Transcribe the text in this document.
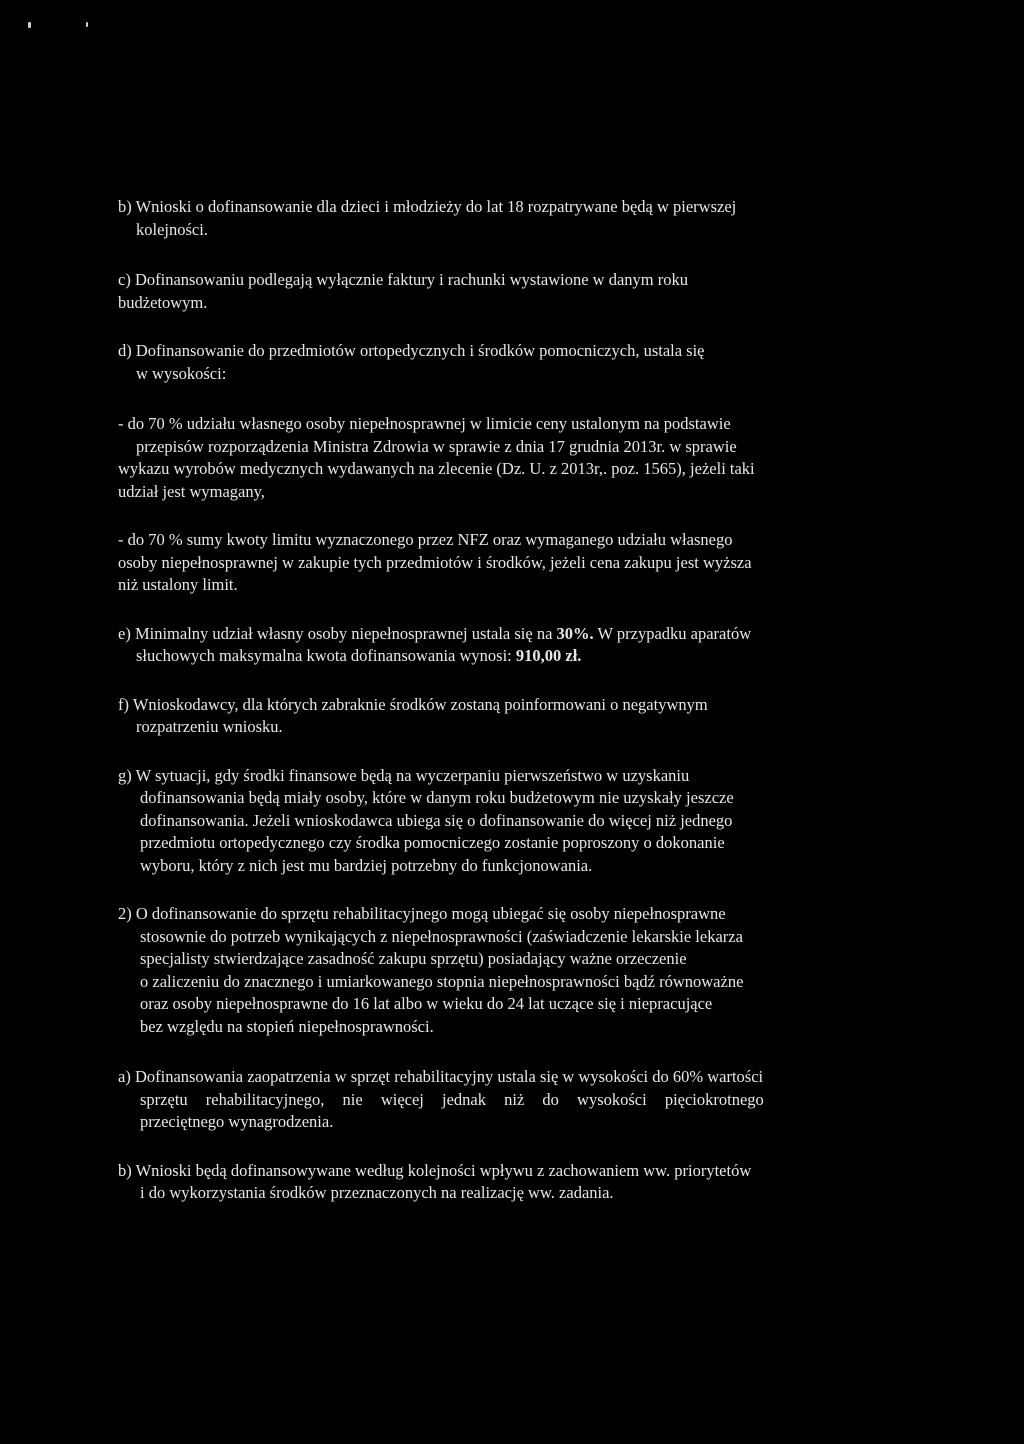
b) Wnioski o dofinansowanie dla dzieci i młodzieży do lat 18 rozpatrywane będą w pierwszej

kolejności.

c) Dofinansowaniu podlegają wyłącznie faktury i rachunki wystawione w danym roku

budżetowym.

d) Dofinansowanie do przedmiotów ortopedycznych i środków pomocniczych, ustala się

w wysokości:

- do 70 % udziału własnego osoby niepełnosprawnej w limicie ceny ustalonym na podstawie

przepisów rozporządzenia Ministra Zdrowia w sprawie z dnia 17 grudnia 2013r. w sprawie

wykazu wyrobów medycznych wydawanych na zlecenie (Dz. U. z 2013r,. poz. 1565), jeżeli taki

udział jest wymagany,

- do 70 % sumy kwoty limitu wyznaczonego przez NFZ oraz wymaganego udziału własnego

osoby niepełnosprawnej w zakupie tych przedmiotów i środków, jeżeli cena zakupu jest wyższa

niż ustalony limit.

e) Minimalny udział własny osoby niepełnosprawnej ustala się na 30%. W przypadku aparatów

słuchowych maksymalna kwota dofinansowania wynosi: 910,00 zł.

f) Wnioskodawcy, dla których zabraknie środków zostaną poinformowani o negatywnym

rozpatrzeniu wniosku.

g) W sytuacji, gdy środki finansowe będą na wyczerpaniu pierwszeństwo w uzyskaniu

dofinansowania będą miały osoby, które w danym roku budżetowym nie uzyskały jeszcze

dofinansowania. Jeżeli wnioskodawca ubiega się o dofinansowanie do więcej niż jednego

przedmiotu ortopedycznego czy środka pomocniczego zostanie poproszony o dokonanie

wyboru, który z nich jest mu bardziej potrzebny do funkcjonowania.

2) O dofinansowanie do sprzętu rehabilitacyjnego mogą ubiegać się osoby niepełnosprawne

stosownie do potrzeb wynikających z niepełnosprawności (zaświadczenie lekarskie lekarza

specjalisty stwierdzające zasadność zakupu sprzętu) posiadający ważne orzeczenie

o zaliczeniu do znacznego i umiarkowanego stopnia niepełnosprawności bądź równoważne

oraz osoby niepełnosprawne do 16 lat albo w wieku do 24 lat uczące się i niepracujące

bez względu na stopień niepełnosprawności.

a) Dofinansowania zaopatrzenia w sprzęt rehabilitacyjny ustala się w wysokości do 60% wartości

sprzętu rehabilitacyjnego, nie więcej jednak niż do wysokości pięciokrotnego

przeciętnego wynagrodzenia.

b) Wnioski będą dofinansowywane według kolejności wpływu z zachowaniem ww. priorytetów

i do wykorzystania środków przeznaczonych na realizację ww. zadania.
